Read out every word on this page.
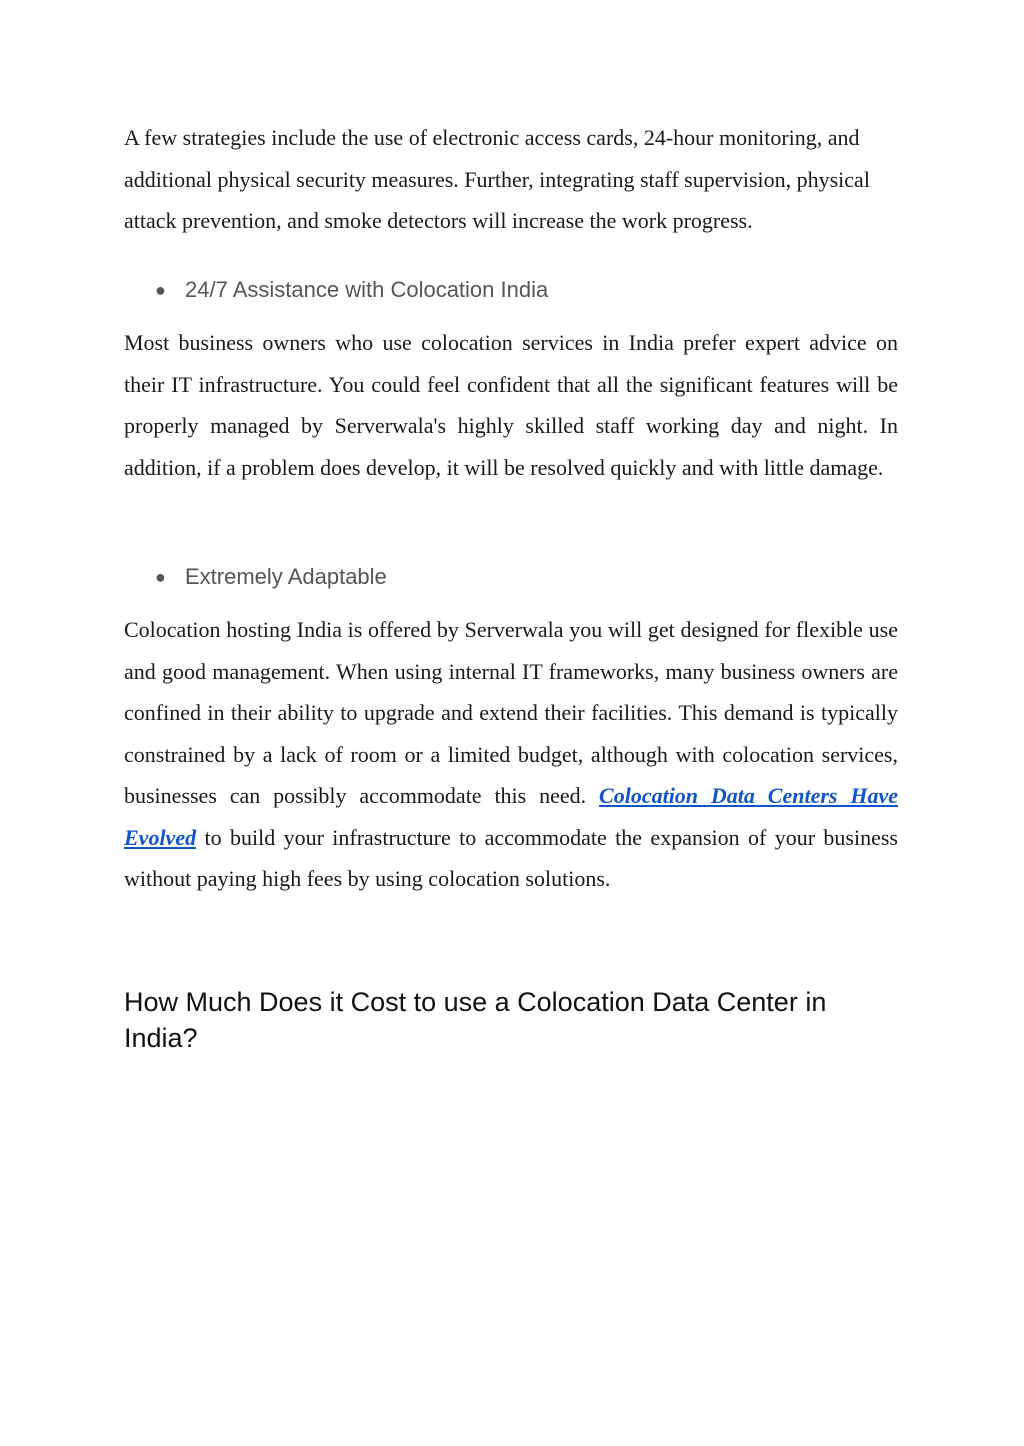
A few strategies include the use of electronic access cards, 24-hour monitoring, and additional physical security measures. Further, integrating staff supervision, physical attack prevention, and smoke detectors will increase the work progress.

● 24/7 Assistance with Colocation India

Most business owners who use colocation services in India prefer expert advice on their IT infrastructure. You could feel confident that all the significant features will be properly managed by Serverwala's highly skilled staff working day and night. In addition, if a problem does develop, it will be resolved quickly and with little damage.

● Extremely Adaptable

Colocation hosting India is offered by Serverwala you will get designed for flexible use and good management. When using internal IT frameworks, many business owners are confined in their ability to upgrade and extend their facilities. This demand is typically constrained by a lack of room or a limited budget, although with colocation services, businesses can possibly accommodate this need. Colocation Data Centers Have Evolved to build your infrastructure to accommodate the expansion of your business without paying high fees by using colocation solutions.

How Much Does it Cost to use a Colocation Data Center in India?
